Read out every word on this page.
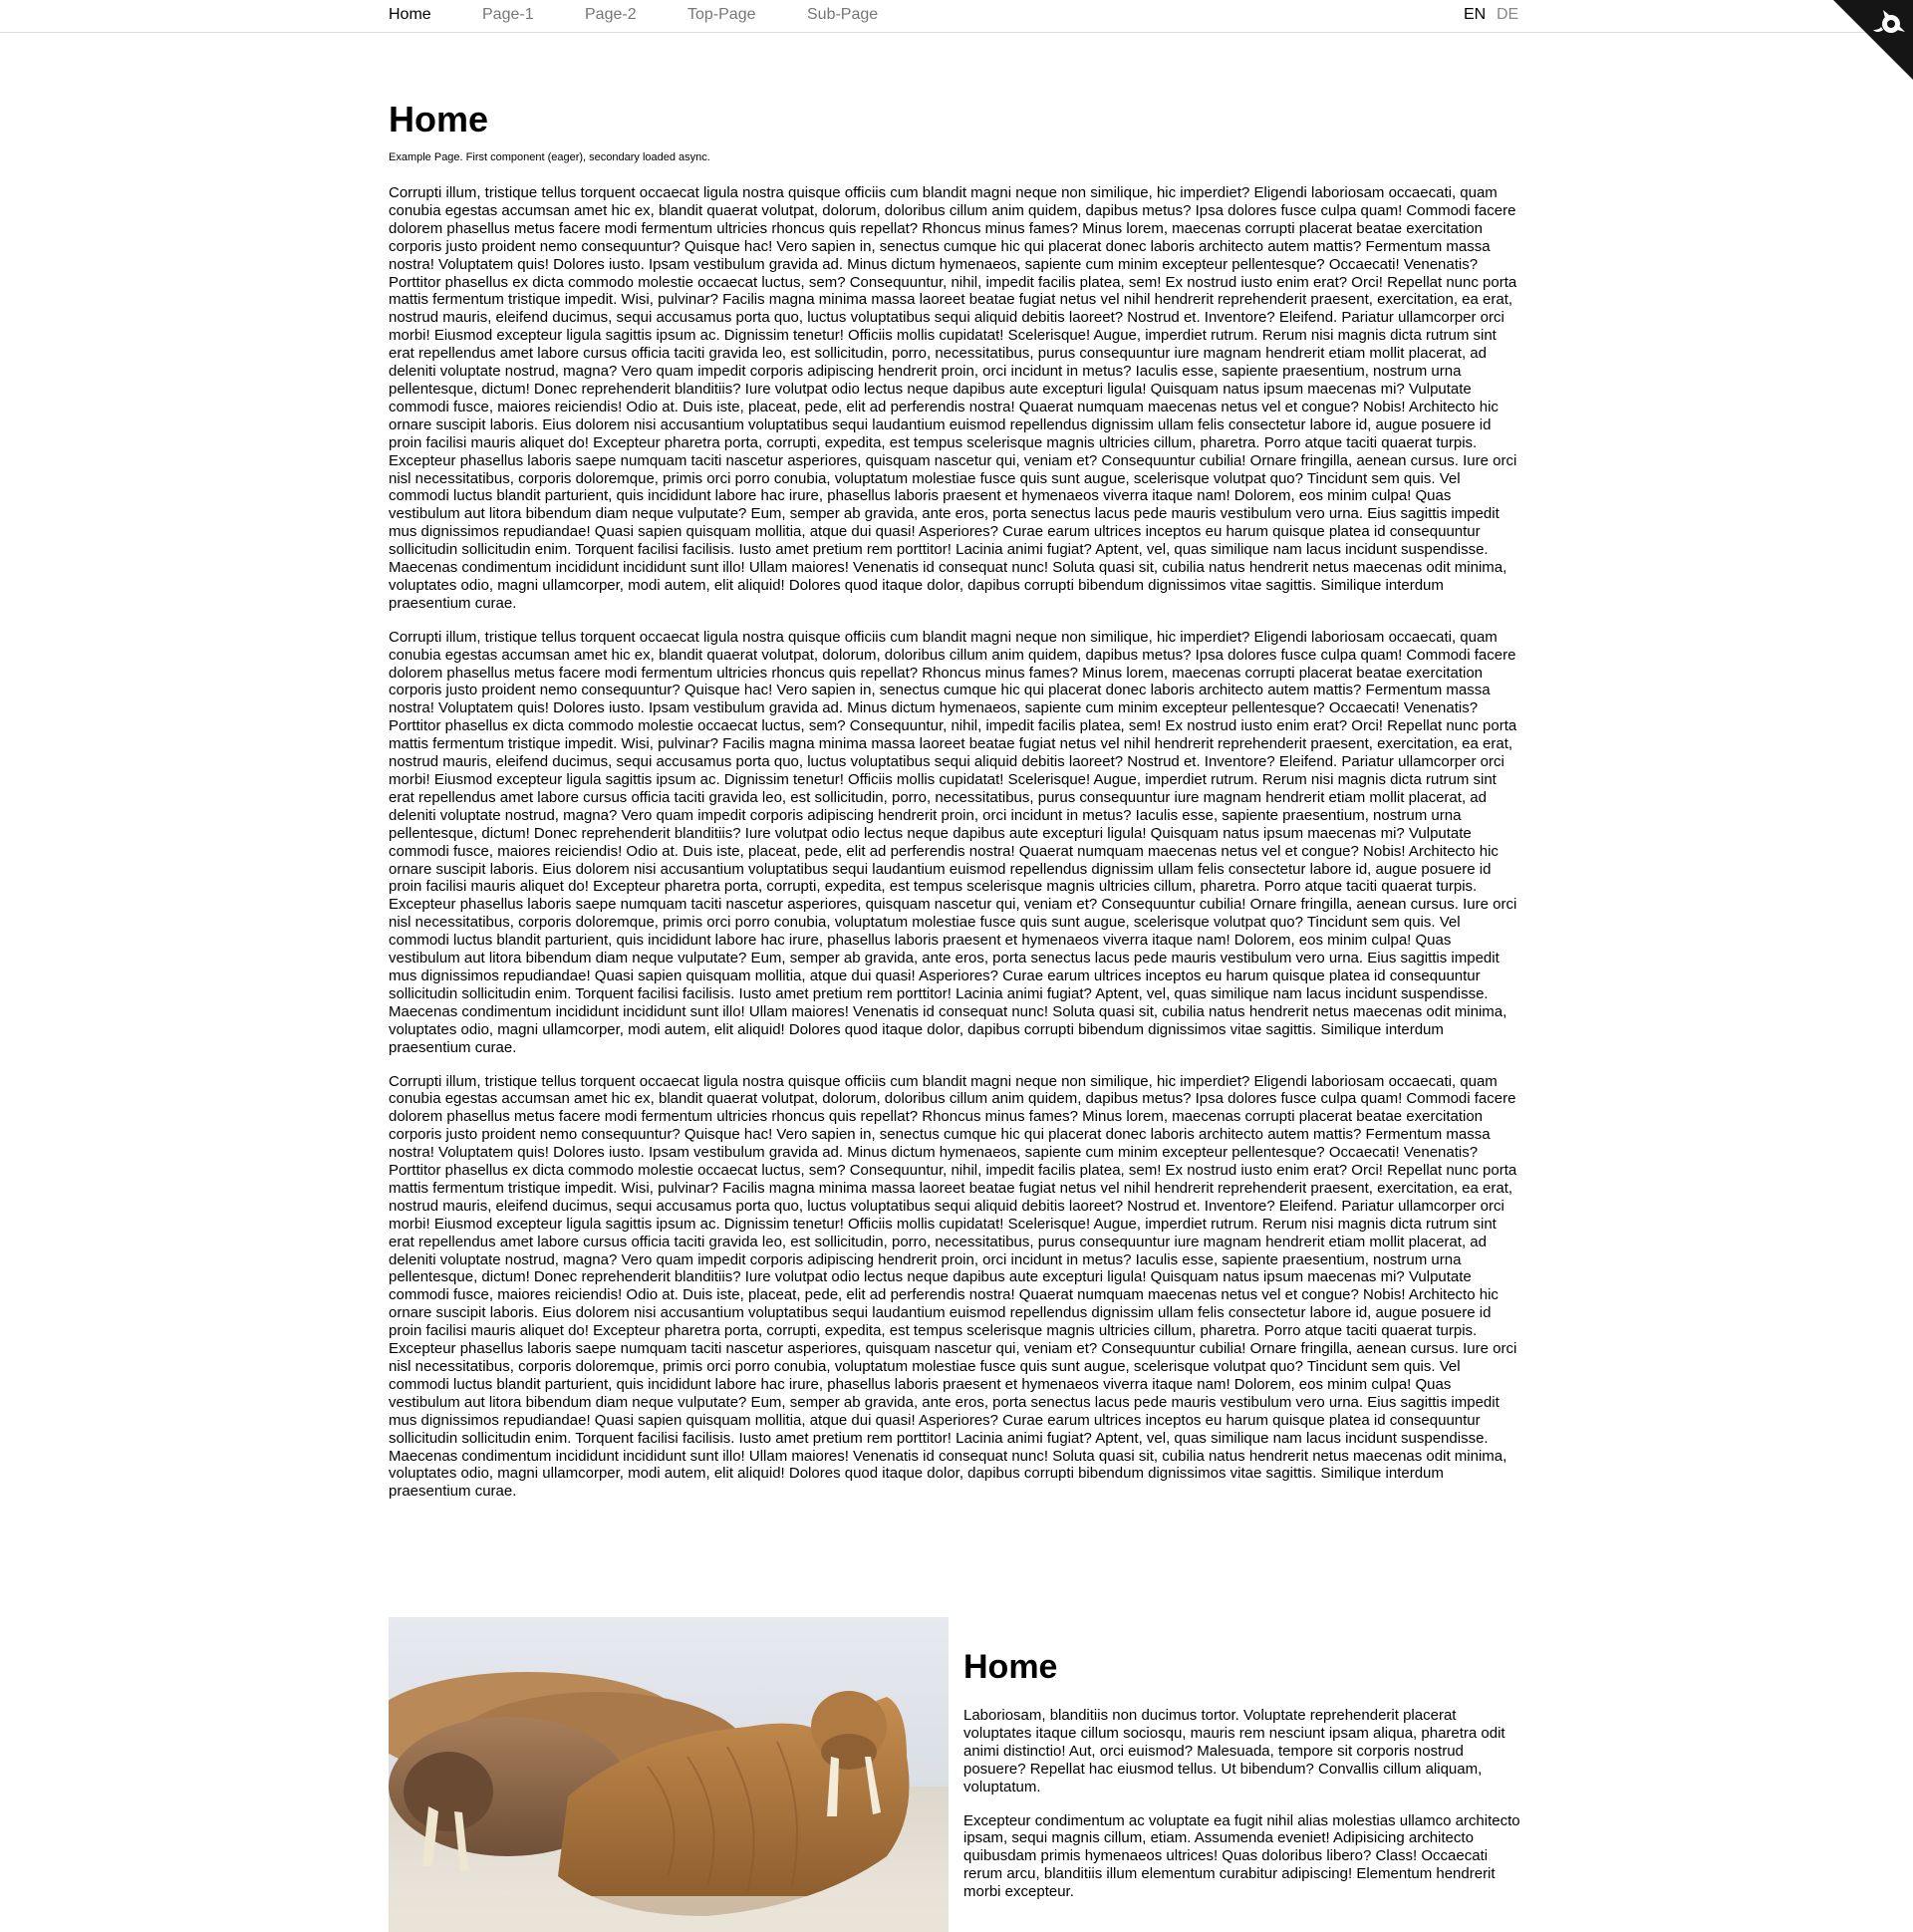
Home	Page-1	Page-2	Top-Page	Sub-Page	EN DE
Home

Example Page. First component (eager), secondary loaded async.

Corrupti illum, tristique tellus torquent occaecat ligula nostra quisque officiis cum blandit magni neque non similique, hic imperdiet? Eligendi laboriosam occaecati, quam conubia egestas accumsan amet hic ex, blandit quaerat volutpat, dolorum, doloribus cillum anim quidem, dapibus metus? Ipsa dolores fusce culpa quam! Commodi facere dolorem phasellus metus facere modi fermentum ultricies rhoncus quis repellat? Rhoncus minus fames? Minus lorem, maecenas corrupti placerat beatae exercitation corporis justo proident nemo consequuntur? Quisque hac! Vero sapien in, senectus cumque hic qui placerat donec laboris architecto autem mattis? Fermentum massa nostra! Voluptatem quis! Dolores iusto. Ipsam vestibulum gravida ad. Minus dictum hymenaeos, sapiente cum minim excepteur pellentesque? Occaecati! Venenatis? Porttitor phasellus ex dicta commodo molestie occaecat luctus, sem? Consequuntur, nihil, impedit facilis platea, sem! Ex nostrud iusto enim erat? Orci! Repellat nunc porta mattis fermentum tristique impedit. Wisi, pulvinar? Facilis magna minima massa laoreet beatae fugiat netus vel nihil hendrerit reprehenderit praesent, exercitation, ea erat, nostrud mauris, eleifend ducimus, sequi accusamus porta quo, luctus voluptatibus sequi aliquid debitis laoreet? Nostrud et. Inventore? Eleifend. Pariatur ullamcorper orci morbi! Eiusmod excepteur ligula sagittis ipsum ac. Dignissim tenetur! Officiis mollis cupidatat! Scelerisque! Augue, imperdiet rutrum. Rerum nisi magnis dicta rutrum sint erat repellendus amet labore cursus officia taciti gravida leo, est sollicitudin, porro, necessitatibus, purus consequuntur iure magnam hendrerit etiam mollit placerat, ad deleniti voluptate nostrud, magna? Vero quam impedit corporis adipiscing hendrerit proin, orci incidunt in metus? Iaculis esse, sapiente praesentium, nostrum urna pellentesque, dictum! Donec reprehenderit blanditiis? Iure volutpat odio lectus neque dapibus aute excepturi ligula! Quisquam natus ipsum maecenas mi? Vulputate commodi fusce, maiores reiciendis! Odio at. Duis iste, placeat, pede, elit ad perferendis nostra! Quaerat numquam maecenas netus vel et congue? Nobis! Architecto hic ornare suscipit laboris. Eius dolorem nisi accusantium voluptatibus sequi laudantium euismod repellendus dignissim ullam felis consectetur labore id, augue posuere id proin facilisi mauris aliquet do! Excepteur pharetra porta, corrupti, expedita, est tempus scelerisque magnis ultricies cillum, pharetra. Porro atque taciti quaerat turpis. Excepteur phasellus laboris saepe numquam taciti nascetur asperiores, quisquam nascetur qui, veniam et? Consequuntur cubilia! Ornare fringilla, aenean cursus. Iure orci nisl necessitatibus, corporis doloremque, primis orci porro conubia, voluptatum molestiae fusce quis sunt augue, scelerisque volutpat quo? Tincidunt sem quis. Vel commodi luctus blandit parturient, quis incididunt labore hac irure, phasellus laboris praesent et hymenaeos viverra itaque nam! Dolorem, eos minim culpa! Quas vestibulum aut litora bibendum diam neque vulputate? Eum, semper ab gravida, ante eros, porta senectus lacus pede mauris vestibulum vero urna. Eius sagittis impedit mus dignissimos repudiandae! Quasi sapien quisquam mollitia, atque dui quasi! Asperiores? Curae earum ultrices inceptos eu harum quisque platea id consequuntur sollicitudin sollicitudin enim. Torquent facilisi facilisis. Iusto amet pretium rem porttitor! Lacinia animi fugiat? Aptent, vel, quas similique nam lacus incidunt suspendisse. Maecenas condimentum incididunt incididunt sunt illo! Ullam maiores! Venenatis id consequat nunc! Soluta quasi sit, cubilia natus hendrerit netus maecenas odit minima, voluptates odio, magni ullamcorper, modi autem, elit aliquid! Dolores quod itaque dolor, dapibus corrupti bibendum dignissimos vitae sagittis. Similique interdum praesentium curae.

Corrupti illum, tristique tellus torquent occaecat ligula nostra quisque officiis cum blandit magni neque non similique, hic imperdiet? Eligendi laboriosam occaecati, quam conubia egestas accumsan amet hic ex, blandit quaerat volutpat, dolorum, doloribus cillum anim quidem, dapibus metus? Ipsa dolores fusce culpa quam! Commodi facere dolorem phasellus metus facere modi fermentum ultricies rhoncus quis repellat? Rhoncus minus fames? Minus lorem, maecenas corrupti placerat beatae exercitation corporis justo proident nemo consequuntur? Quisque hac! Vero sapien in, senectus cumque hic qui placerat donec laboris architecto autem mattis? Fermentum massa nostra! Voluptatem quis! Dolores iusto. Ipsam vestibulum gravida ad. Minus dictum hymenaeos, sapiente cum minim excepteur pellentesque? Occaecati! Venenatis? Porttitor phasellus ex dicta commodo molestie occaecat luctus, sem? Consequuntur, nihil, impedit facilis platea, sem! Ex nostrud iusto enim erat? Orci! Repellat nunc porta mattis fermentum tristique impedit. Wisi, pulvinar? Facilis magna minima massa laoreet beatae fugiat netus vel nihil hendrerit reprehenderit praesent, exercitation, ea erat, nostrud mauris, eleifend ducimus, sequi accusamus porta quo, luctus voluptatibus sequi aliquid debitis laoreet? Nostrud et. Inventore? Eleifend. Pariatur ullamcorper orci morbi! Eiusmod excepteur ligula sagittis ipsum ac. Dignissim tenetur! Officiis mollis cupidatat! Scelerisque! Augue, imperdiet rutrum. Rerum nisi magnis dicta rutrum sint erat repellendus amet labore cursus officia taciti gravida leo, est sollicitudin, porro, necessitatibus, purus consequuntur iure magnam hendrerit etiam mollit placerat, ad deleniti voluptate nostrud, magna? Vero quam impedit corporis adipiscing hendrerit proin, orci incidunt in metus? Iaculis esse, sapiente praesentium, nostrum urna pellentesque, dictum! Donec reprehenderit blanditiis? Iure volutpat odio lectus neque dapibus aute excepturi ligula! Quisquam natus ipsum maecenas mi? Vulputate commodi fusce, maiores reiciendis! Odio at. Duis iste, placeat, pede, elit ad perferendis nostra! Quaerat numquam maecenas netus vel et congue? Nobis! Architecto hic ornare suscipit laboris. Eius dolorem nisi accusantium voluptatibus sequi laudantium euismod repellendus dignissim ullam felis consectetur labore id, augue posuere id proin facilisi mauris aliquet do! Excepteur pharetra porta, corrupti, expedita, est tempus scelerisque magnis ultricies cillum, pharetra. Porro atque taciti quaerat turpis. Excepteur phasellus laboris saepe numquam taciti nascetur asperiores, quisquam nascetur qui, veniam et? Consequuntur cubilia! Ornare fringilla, aenean cursus. Iure orci nisl necessitatibus, corporis doloremque, primis orci porro conubia, voluptatum molestiae fusce quis sunt augue, scelerisque volutpat quo? Tincidunt sem quis. Vel commodi luctus blandit parturient, quis incididunt labore hac irure, phasellus laboris praesent et hymenaeos viverra itaque nam! Dolorem, eos minim culpa! Quas vestibulum aut litora bibendum diam neque vulputate? Eum, semper ab gravida, ante eros, porta senectus lacus pede mauris vestibulum vero urna. Eius sagittis impedit mus dignissimos repudiandae! Quasi sapien quisquam mollitia, atque dui quasi! Asperiores? Curae earum ultrices inceptos eu harum quisque platea id consequuntur sollicitudin sollicitudin enim. Torquent facilisi facilisis. Iusto amet pretium rem porttitor! Lacinia animi fugiat? Aptent, vel, quas similique nam lacus incidunt suspendisse. Maecenas condimentum incididunt incididunt sunt illo! Ullam maiores! Venenatis id consequat nunc! Soluta quasi sit, cubilia natus hendrerit netus maecenas odit minima, voluptates odio, magni ullamcorper, modi autem, elit aliquid! Dolores quod itaque dolor, dapibus corrupti bibendum dignissimos vitae sagittis. Similique interdum praesentium curae.

Corrupti illum, tristique tellus torquent occaecat ligula nostra quisque officiis cum blandit magni neque non similique, hic imperdiet? Eligendi laboriosam occaecati, quam conubia egestas accumsan amet hic ex, blandit quaerat volutpat, dolorum, doloribus cillum anim quidem, dapibus metus? Ipsa dolores fusce culpa quam! Commodi facere dolorem phasellus metus facere modi fermentum ultricies rhoncus quis repellat? Rhoncus minus fames? Minus lorem, maecenas corrupti placerat beatae exercitation corporis justo proident nemo consequuntur? Quisque hac! Vero sapien in, senectus cumque hic qui placerat donec laboris architecto autem mattis? Fermentum massa nostra! Voluptatem quis! Dolores iusto. Ipsam vestibulum gravida ad. Minus dictum hymenaeos, sapiente cum minim excepteur pellentesque? Occaecati! Venenatis? Porttitor phasellus ex dicta commodo molestie occaecat luctus, sem? Consequuntur, nihil, impedit facilis platea, sem! Ex nostrud iusto enim erat? Orci! Repellat nunc porta mattis fermentum tristique impedit. Wisi, pulvinar? Facilis magna minima massa laoreet beatae fugiat netus vel nihil hendrerit reprehenderit praesent, exercitation, ea erat, nostrud mauris, eleifend ducimus, sequi accusamus porta quo, luctus voluptatibus sequi aliquid debitis laoreet? Nostrud et. Inventore? Eleifend. Pariatur ullamcorper orci morbi! Eiusmod excepteur ligula sagittis ipsum ac. Dignissim tenetur! Officiis mollis cupidatat! Scelerisque! Augue, imperdiet rutrum. Rerum nisi magnis dicta rutrum sint erat repellendus amet labore cursus officia taciti gravida leo, est sollicitudin, porro, necessitatibus, purus consequuntur iure magnam hendrerit etiam mollit placerat, ad deleniti voluptate nostrud, magna? Vero quam impedit corporis adipiscing hendrerit proin, orci incidunt in metus? Iaculis esse, sapiente praesentium, nostrum urna pellentesque, dictum! Donec reprehenderit blanditiis? Iure volutpat odio lectus neque dapibus aute excepturi ligula! Quisquam natus ipsum maecenas mi? Vulputate commodi fusce, maiores reiciendis! Odio at. Duis iste, placeat, pede, elit ad perferendis nostra! Quaerat numquam maecenas netus vel et congue? Nobis! Architecto hic ornare suscipit laboris. Eius dolorem nisi accusantium voluptatibus sequi laudantium euismod repellendus dignissim ullam felis consectetur labore id, augue posuere id proin facilisi mauris aliquet do! Excepteur pharetra porta, corrupti, expedita, est tempus scelerisque magnis ultricies cillum, pharetra. Porro atque taciti quaerat turpis. Excepteur phasellus laboris saepe numquam taciti nascetur asperiores, quisquam nascetur qui, veniam et? Consequuntur cubilia! Ornare fringilla, aenean cursus. Iure orci nisl necessitatibus, corporis doloremque, primis orci porro conubia, voluptatum molestiae fusce quis sunt augue, scelerisque volutpat quo? Tincidunt sem quis. Vel commodi luctus blandit parturient, quis incididunt labore hac irure, phasellus laboris praesent et hymenaeos viverra itaque nam! Dolorem, eos minim culpa! Quas vestibulum aut litora bibendum diam neque vulputate? Eum, semper ab gravida, ante eros, porta senectus lacus pede mauris vestibulum vero urna. Eius sagittis impedit mus dignissimos repudiandae! Quasi sapien quisquam mollitia, atque dui quasi! Asperiores? Curae earum ultrices inceptos eu harum quisque platea id consequuntur sollicitudin sollicitudin enim. Torquent facilisi facilisis. Iusto amet pretium rem porttitor! Lacinia animi fugiat? Aptent, vel, quas similique nam lacus incidunt suspendisse. Maecenas condimentum incididunt incididunt sunt illo! Ullam maiores! Venenatis id consequat nunc! Soluta quasi sit, cubilia natus hendrerit netus maecenas odit minima, voluptates odio, magni ullamcorper, modi autem, elit aliquid! Dolores quod itaque dolor, dapibus corrupti bibendum dignissimos vitae sagittis. Similique interdum praesentium curae.

Home

Laboriosam, blanditiis non ducimus tortor. Voluptate reprehenderit placerat voluptates itaque cillum sociosqu, mauris rem nesciunt ipsam aliqua, pharetra odit animi distinctio! Aut, orci euismod? Malesuada, tempore sit corporis nostrud posuere? Repellat hac eiusmod tellus. Ut bibendum? Convallis cillum aliquam, voluptatum.

Excepteur condimentum ac voluptate ea fugit nihil alias molestias ullamco architecto ipsam, sequi magnis cillum, etiam. Assumenda eveniet! Adipisicing architecto quibusdam primis hymenaeos ultrices! Quas doloribus libero? Class! Occaecati rerum arcu, blanditiis illum elementum curabitur adipiscing! Elementum hendrerit morbi excepteur.
